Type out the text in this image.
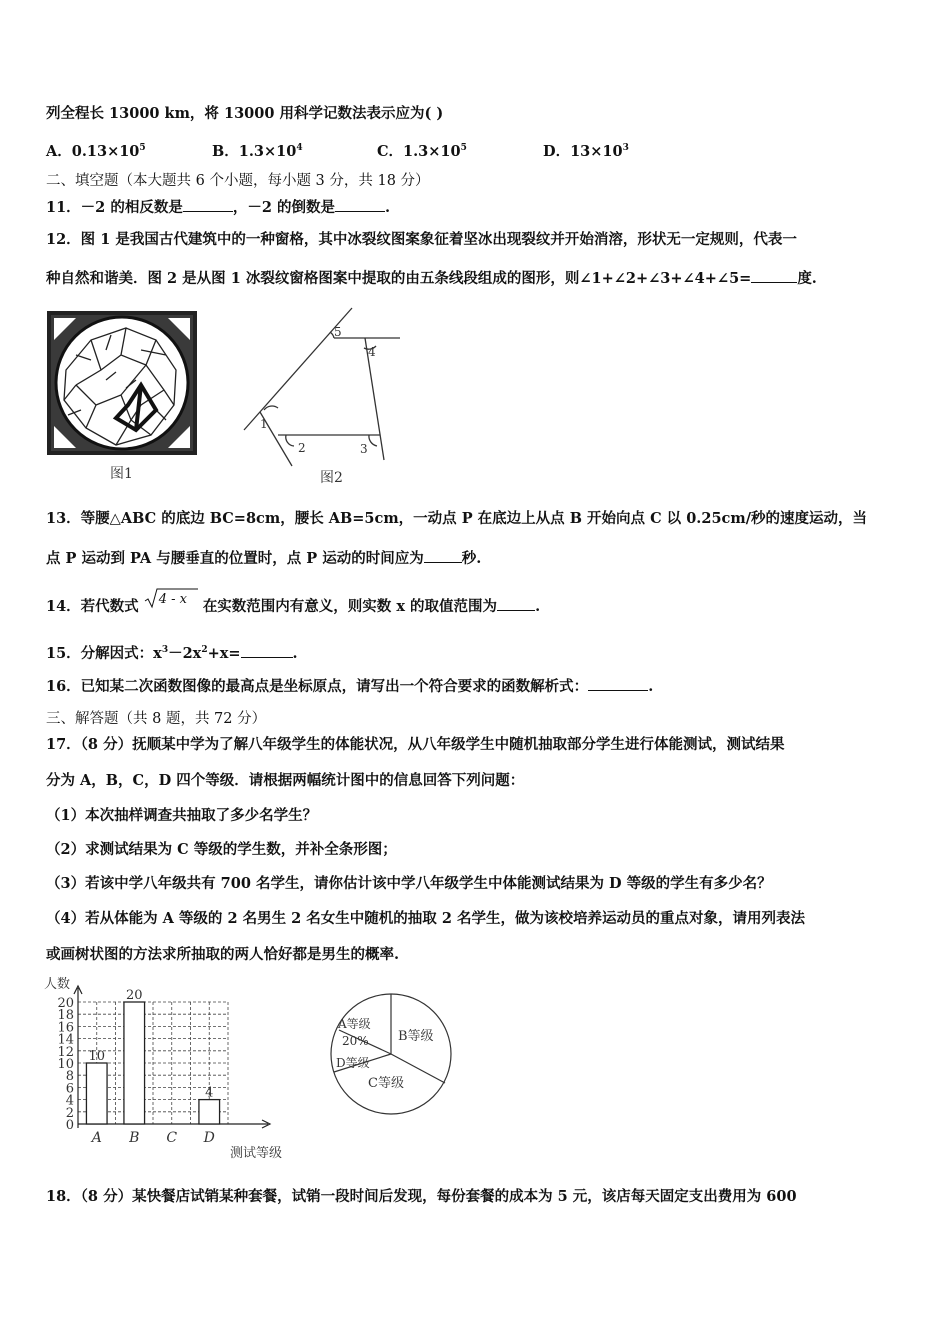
列全程长 13000 km，将 13000 用科学记数法表示应为( )
A．$0.13\times 10^5$	B．$1.3\times 10^4$	C．$1.3\times 10^5$	D．$13\times 10^3$
二、填空题（本大题共 6 个小题，每小题 3 分，共 18 分）
11．－2 的相反数是	，－2 的倒数是	.
12．图 1 是我国古代建筑中的一种窗格，其中冰裂纹图案象征着坚冰出现裂纹并开始消溶，形状无一定规则，代表一
种自然和谐美．图 2 是从图 1 冰裂纹窗格图案中提取的由五条线段组成的图形，则∠1+∠2+∠3+∠4+∠5=	度.
图1
1
2	3
4
5
图2
13．等腰△ABC 的底边 BC=8cm，腰长 AB=5cm，一动点 P 在底边上从点 B 开始向点 C 以 0.25cm/秒的速度运动，当
点 P 运动到 PA 与腰垂直的位置时，点 P 运动的时间应为	秒.
14．若代数式 4 - x 在实数范围内有意义，则实数 x 的取值范围为	.
15．分解因式：$x^3-2x^2+x=$	.
16．已知某二次函数图像的最高点是坐标原点，请写出一个符合要求的函数解析式：	.
三、解答题（共 8 题，共 72 分）
17．（8 分）抚顺某中学为了解八年级学生的体能状况，从八年级学生中随机抽取部分学生进行体能测试，测试结果
分为 A，B，C，D 四个等级．请根据两幅统计图中的信息回答下列问题：
（1）本次抽样调查共抽取了多少名学生？
（2）求测试结果为 C 等级的学生数，并补全条形图；
（3）若该中学八年级共有 700 名学生，请你估计该中学八年级学生中体能测试结果为 D 等级的学生有多少名？
（4）若从体能为 A 等级的 2 名男生 2 名女生中随机的抽取 2 名学生，做为该校培养运动员的重点对象，请用列表法
或画树状图的方法求所抽取的两人恰好都是男生的概率.
人数
测试等级
0
2
4
6
8
10
12
14
16
18
20
10
A
20
B C
4
D
A等级
20% B等级
C等级
D等级
18．（8 分）某快餐店试销某种套餐，试销一段时间后发现，每份套餐的成本为 5 元，该店每天固定支出费用为 600
